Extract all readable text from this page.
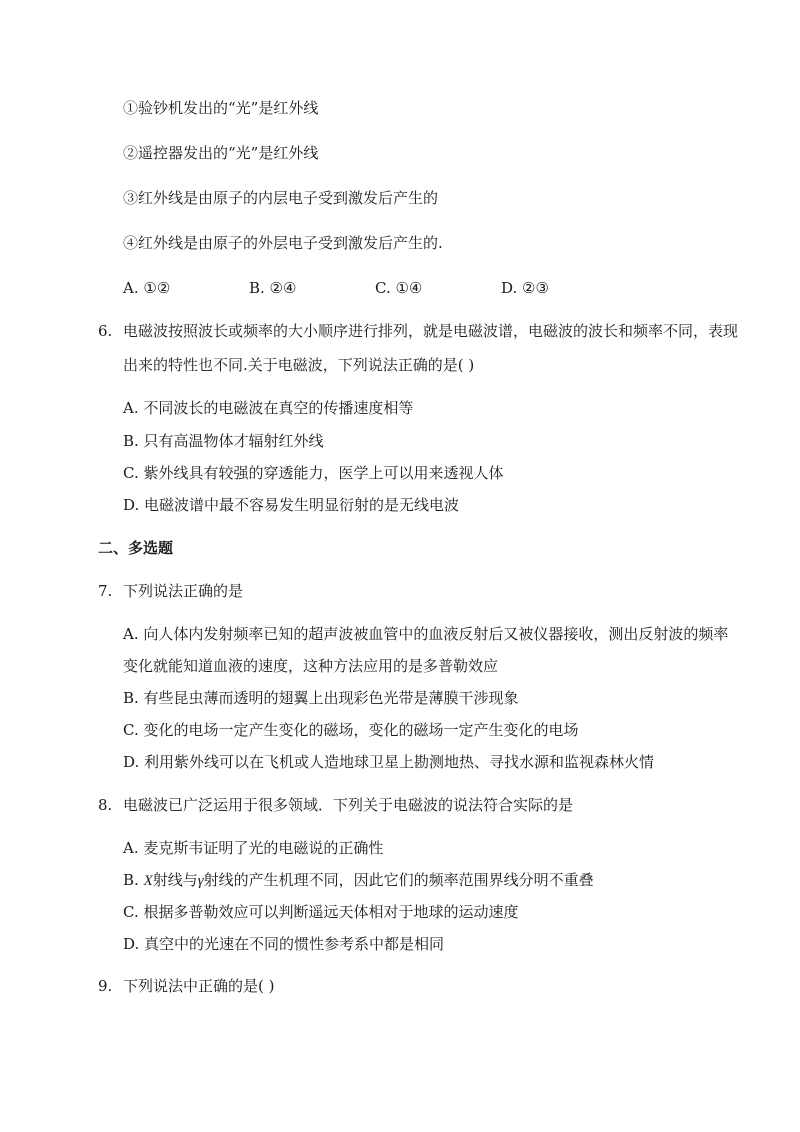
①验钞机发出的“光”是红外线
②遥控器发出的“光”是红外线
③红外线是由原子的内层电子受到激发后产生的
④红外线是由原子的外层电子受到激发后产生的.
A. ①②	B. ②④	C. ①④	D. ②③
6. 电磁波按照波长或频率的大小顺序进行排列，就是电磁波谱，电磁波的波长和频率不同，表现
出来的特性也不同.关于电磁波，下列说法正确的是( )
A. 不同波长的电磁波在真空的传播速度相等
B. 只有高温物体才辐射红外线
C. 紫外线具有较强的穿透能力，医学上可以用来透视人体
D. 电磁波谱中最不容易发生明显衍射的是无线电波
二、多选题
7. 下列说法正确的是
A. 向人体内发射频率已知的超声波被血管中的血液反射后又被仪器接收，测出反射波的频率
变化就能知道血液的速度，这种方法应用的是多普勒效应
B. 有些昆虫薄而透明的翅翼上出现彩色光带是薄膜干涉现象
C. 变化的电场一定产生变化的磁场，变化的磁场一定产生变化的电场
D. 利用紫外线可以在飞机或人造地球卫星上勘测地热、寻找水源和监视森林火情
8. 电磁波已广泛运用于很多领域．下列关于电磁波的说法符合实际的是
A. 麦克斯韦证明了光的电磁说的正确性
B. X射线与γ射线的产生机理不同，因此它们的频率范围界线分明不重叠
C. 根据多普勒效应可以判断遥远天体相对于地球的运动速度
D. 真空中的光速在不同的惯性参考系中都是相同
9. 下列说法中正确的是( )
